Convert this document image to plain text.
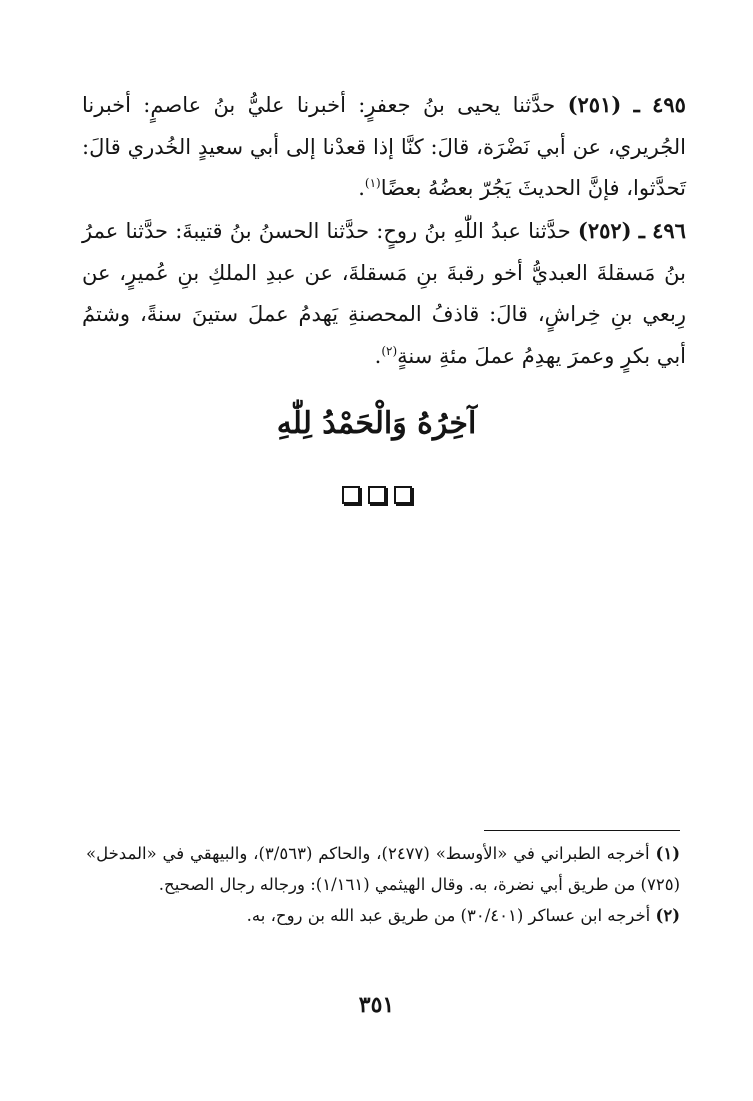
٤٩٥ ـ (٢٥١) حدَّثنا يحيى بنُ جعفرٍ: أخبرنا عليُّ بنُ عاصمٍ: أخبرنا الجُريري، عن أبي نَضْرَة، قالَ: كنَّا إذا قعدْنا إلى أبي سعيدٍ الخُدري قالَ: تَحدَّثوا، فإنَّ الحديثَ يَجُرّ بعضُهُ بعضًا$^{(١)}$.

٤٩٦ ـ (٢٥٢) حدَّثنا عبدُ اللّٰهِ بنُ روحٍ: حدَّثنا الحسنُ بنُ قتيبةَ: حدَّثنا عمرُ بنُ مَسقلةَ العبديُّ أخو رقبةَ بنِ مَسقلةَ، عن عبدِ الملكِ بنِ عُميرٍ، عن رِبعي بنِ خِراشٍ، قالَ: قاذفُ المحصنةِ يَهدمُ عملَ ستينَ سنةً، وشتمُ أبي بكرٍ وعمرَ يهدِمُ عملَ مئةِ سنةٍ$^{(٢)}$.

آخِرُهُ وَالْحَمْدُ لِلّٰهِ

(١) أخرجه الطبراني في «الأوسط» (٢٤٧٧)، والحاكم (٣/٥٦٣)، والبيهقي في «المدخل» (٧٢٥) من طريق أبي نضرة، به. وقال الهيثمي (١/١٦١): ورجاله رجال الصحيح.

(٢) أخرجه ابن عساكر (٣٠/٤٠١) من طريق عبد الله بن روح، به.

٣٥١
